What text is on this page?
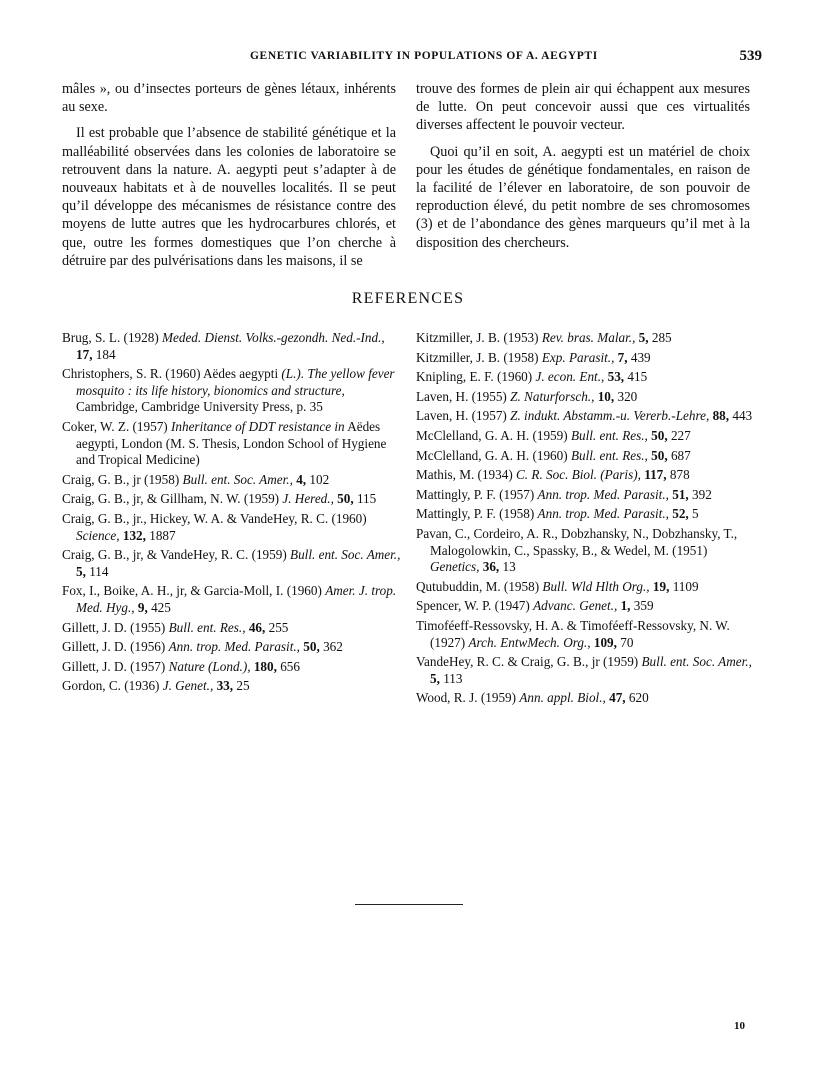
GENETIC VARIABILITY IN POPULATIONS OF A. AEGYPTI	539

mâles », ou d’insectes porteurs de gènes létaux, inhérents au sexe.

Il est probable que l’absence de stabilité génétique et la malléabilité observées dans les colonies de laboratoire se retrouvent dans la nature. A. aegypti peut s’adapter à de nouveaux habitats et à de nouvelles localités. Il se peut qu’il développe des mécanismes de résistance contre des moyens de lutte autres que les hydrocarbures chlorés, et que, outre les formes domestiques que l’on cherche à détruire par des pulvérisations dans les maisons, il se

trouve des formes de plein air qui échappent aux mesures de lutte. On peut concevoir aussi que ces virtualités diverses affectent le pouvoir vecteur.

Quoi qu’il en soit, A. aegypti est un matériel de choix pour les études de génétique fondamentales, en raison de la facilité de l’élever en laboratoire, de son pouvoir de reproduction élevé, du petit nombre de ses chromosomes (3) et de l’abondance des gènes marqueurs qu’il met à la disposition des chercheurs.

REFERENCES

Brug, S. L. (1928) Meded. Dienst. Volks.-gezondh. Ned.-Ind., 17, 184

Christophers, S. R. (1960) Aëdes aegypti (L.). The yellow fever mosquito : its life history, bionomics and structure, Cambridge, Cambridge University Press, p. 35

Coker, W. Z. (1957) Inheritance of DDT resistance in Aëdes aegypti, London (M. S. Thesis, London School of Hygiene and Tropical Medicine)

Craig, G. B., jr (1958) Bull. ent. Soc. Amer., 4, 102

Craig, G. B., jr, & Gillham, N. W. (1959) J. Hered., 50, 115

Craig, G. B., jr., Hickey, W. A. & VandeHey, R. C. (1960) Science, 132, 1887

Craig, G. B., jr, & VandeHey, R. C. (1959) Bull. ent. Soc. Amer., 5, 114

Fox, I., Boike, A. H., jr, & Garcia-Moll, I. (1960) Amer. J. trop. Med. Hyg., 9, 425

Gillett, J. D. (1955) Bull. ent. Res., 46, 255

Gillett, J. D. (1956) Ann. trop. Med. Parasit., 50, 362

Gillett, J. D. (1957) Nature (Lond.), 180, 656

Gordon, C. (1936) J. Genet., 33, 25

Kitzmiller, J. B. (1953) Rev. bras. Malar., 5, 285

Kitzmiller, J. B. (1958) Exp. Parasit., 7, 439

Knipling, E. F. (1960) J. econ. Ent., 53, 415

Laven, H. (1955) Z. Naturforsch., 10, 320

Laven, H. (1957) Z. indukt. Abstamm.-u. Vererb.-Lehre, 88, 443

McClelland, G. A. H. (1959) Bull. ent. Res., 50, 227

McClelland, G. A. H. (1960) Bull. ent. Res., 50, 687

Mathis, M. (1934) C. R. Soc. Biol. (Paris), 117, 878

Mattingly, P. F. (1957) Ann. trop. Med. Parasit., 51, 392

Mattingly, P. F. (1958) Ann. trop. Med. Parasit., 52, 5

Pavan, C., Cordeiro, A. R., Dobzhansky, N., Dobzhansky, T., Malogolowkin, C., Spassky, B., & Wedel, M. (1951) Genetics, 36, 13

Qutubuddin, M. (1958) Bull. Wld Hlth Org., 19, 1109

Spencer, W. P. (1947) Advanc. Genet., 1, 359

Timoféeff-Ressovsky, H. A. & Timoféeff-Ressovsky, N. W. (1927) Arch. EntwMech. Org., 109, 70

VandeHey, R. C. & Craig, G. B., jr (1959) Bull. ent. Soc. Amer., 5, 113

Wood, R. J. (1959) Ann. appl. Biol., 47, 620

10
